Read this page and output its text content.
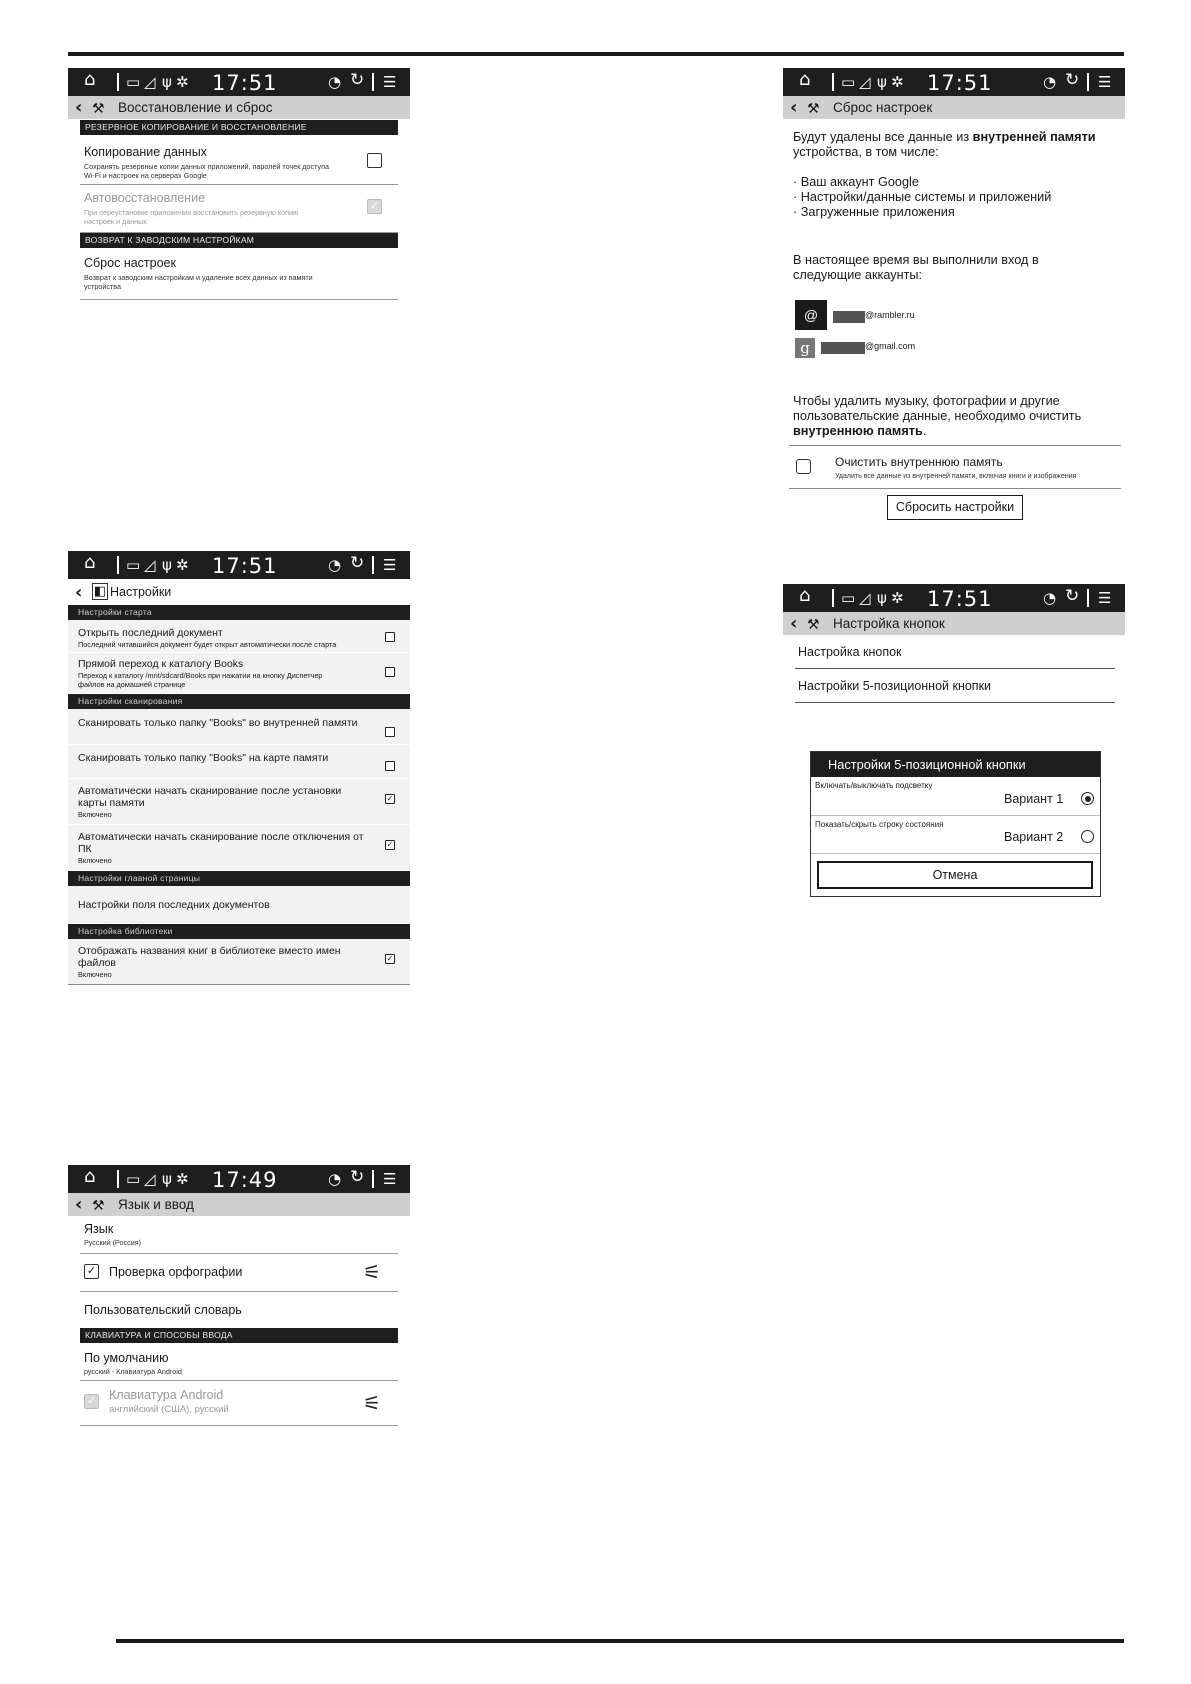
⌂ ▭ ◿ ψ ✲ 17:51	◔ ↻ ☰
‹ ⚒ Восстановление и сброс
РЕЗЕРВНОЕ КОПИРОВАНИЕ И ВОССТАНОВЛЕНИЕ
Копирование данных
Сохранять резервные копии данных приложений, паролей точек доступа Wi-Fi и настроек на серверах Google
Автовосстановление
При переустановке приложения восстановить резервную копию настроек и данных
✓
ВОЗВРАТ К ЗАВОДСКИМ НАСТРОЙКАМ
Сброс настроек
Возврат к заводским настройкам и удаление всех данных из памяти устройства
⌂ ▭ ◿ ψ ✲ 17:51	◔ ↻ ☰
‹ ⚒ Сброс настроек
Будут удалены все данные из внутренней памяти
устройства, в том числе:
· Ваш аккаунт Google
· Настройки/данные системы и приложений
· Загруженные приложения
В настоящее время вы выполнили вход в
следующие аккаунты:
@	@rambler.ru
g	@gmail.com
Чтобы удалить музыку, фотографии и другие
пользовательские данные, необходимо очистить
внутреннюю память.
Очистить внутреннюю память
Удалить все данные из внутренней памяти, включая книги и изображения
Сбросить настройки
⌂ ▭ ◿ ψ ✲ 17:51	◔ ↻ ☰
‹ ◧ Настройки
Настройки старта
Открыть последний документ
Последний читавшийся документ будет открыт автоматически после старта
Прямой переход к каталогу Books
Переход к каталогу /mnt/sdcard/Books при нажатии на кнопку Диспетчер
файлов на домашней странице
Настройки сканирования
Сканировать только папку "Books" во внутренней памяти
Сканировать только папку "Books" на карте памяти
Автоматически начать сканирование после установки
карты памяти
Включено
✓
Автоматически начать сканирование после отключения от
ПК
Включено
✓
Настройки главной страницы
Настройки поля последних документов
Настройка библиотеки
Отображать названия книг в библиотеке вместо имен
файлов
Включено
✓
⌂ ▭ ◿ ψ ✲ 17:51	◔ ↻ ☰
‹ ⚒ Настройка кнопок
Настройка кнопок
Настройки 5-позиционной кнопки
Настройки 5-позиционной кнопки
Включать/выключать подсветку
Вариант 1
Показать/скрыть строку состояния
Вариант 2
Отмена
⌂ ▭ ◿ ψ ✲ 17:49	◔ ↻ ☰
‹ ⚒ Язык и ввод
Язык
Русский (Россия)
✓ Проверка орфографии	⚟
Пользовательский словарь
КЛАВИАТУРА И СПОСОБЫ ВВОДА
По умолчанию
русский - Клавиатура Android
✓ Клавиатура Android
английский (США), русский	⚟
